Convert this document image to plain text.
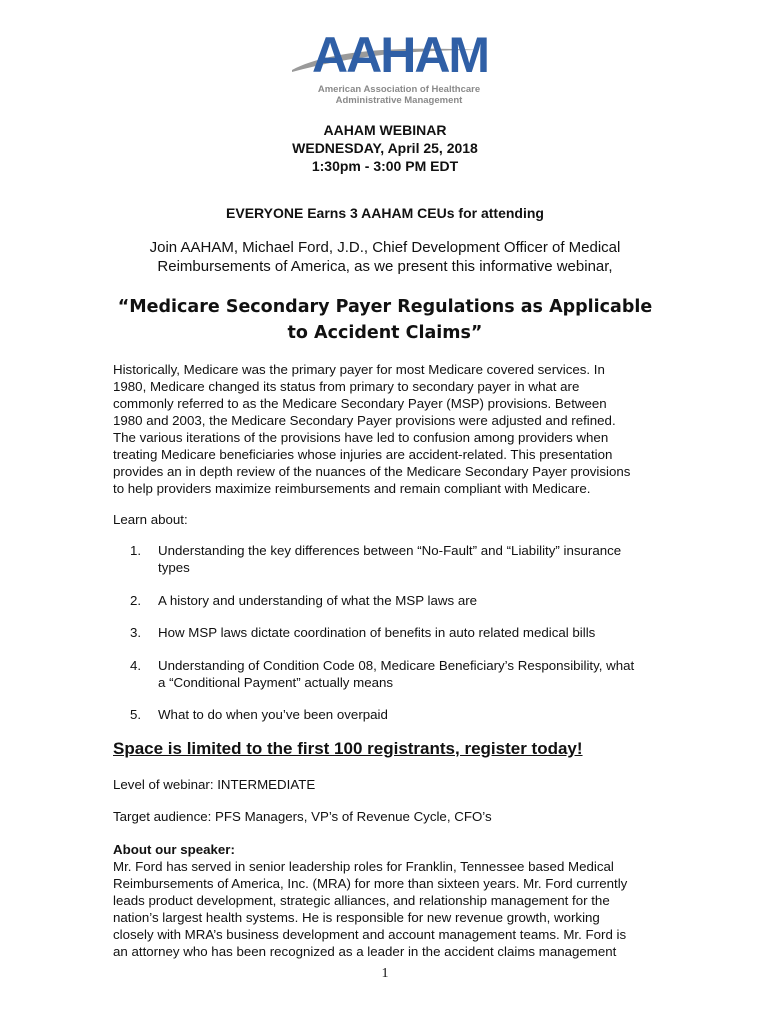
AAHAM
American Association of Healthcare
Administrative Management
AAHAM WEBINAR
WEDNESDAY, April 25, 2018
1:30pm - 3:00 PM EDT
EVERYONE Earns 3 AAHAM CEUs for attending
Join AAHAM, Michael Ford, J.D., Chief Development Officer of Medical
Reimbursements of America, as we present this informative webinar,
“Medicare Secondary Payer Regulations as Applicable
to Accident Claims”
Historically, Medicare was the primary payer for most Medicare covered services. In
1980, Medicare changed its status from primary to secondary payer in what are
commonly referred to as the Medicare Secondary Payer (MSP) provisions. Between
1980 and 2003, the Medicare Secondary Payer provisions were adjusted and refined.
The various iterations of the provisions have led to confusion among providers when
treating Medicare beneficiaries whose injuries are accident-related. This presentation
provides an in depth review of the nuances of the Medicare Secondary Payer provisions
to help providers maximize reimbursements and remain compliant with Medicare.
Learn about:
1.	Understanding the key differences between “No-Fault” and “Liability” insurance
types
2.	A history and understanding of what the MSP laws are
3.	How MSP laws dictate coordination of benefits in auto related medical bills
4.	Understanding of Condition Code 08, Medicare Beneficiary’s Responsibility, what
a “Conditional Payment” actually means
5.	What to do when you’ve been overpaid
Space is limited to the first 100 registrants, register today!
Level of webinar: INTERMEDIATE
Target audience: PFS Managers, VP’s of Revenue Cycle, CFO’s
About our speaker:
Mr. Ford has served in senior leadership roles for Franklin, Tennessee based Medical
Reimbursements of America, Inc. (MRA) for more than sixteen years. Mr. Ford currently
leads product development, strategic alliances, and relationship management for the
nation’s largest health systems. He is responsible for new revenue growth, working
closely with MRA’s business development and account management teams. Mr. Ford is
an attorney who has been recognized as a leader in the accident claims management
1
